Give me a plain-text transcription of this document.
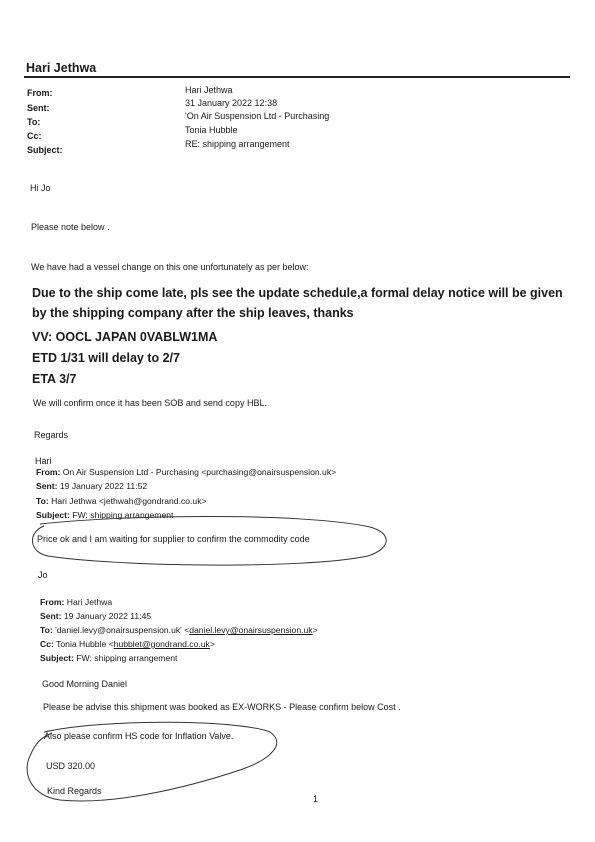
Hari Jethwa
From:
Sent:
To:
Cc:
Subject:
Hari Jethwa
31 January 2022 12:38
'On Air Suspension Ltd - Purchasing
Tonia Hubble
RE: shipping arrangement
Hi Jo
Please note below .
We have had a vessel change on this one unfortunately as per below:
Due to the ship come late, pls see the update schedule,a formal delay notice will be given
by the shipping company after the ship leaves, thanks
VV: OOCL JAPAN 0VABLW1MA
ETD 1/31 will delay to 2/7
ETA 3/7
We will confirm once it has been SOB and send copy HBL.
Regards
Hari
From: On Air Suspension Ltd - Purchasing <purchasing@onairsuspension.uk>
Sent: 19 January 2022 11:52
To: Hari Jethwa <jethwah@gondrand.co.uk>
Subject: FW: shipping arrangement
Price ok and I am waiting for supplier to confirm the commodity code
Jo
From: Hari Jethwa
Sent: 19 January 2022 11:45
To: 'daniel.levy@onairsuspension.uk' <daniel.levy@onairsuspension.uk>
Cc: Tonia Hubble <hubblet@gondrand.co.uk>
Subject: FW: shipping arrangement
Good Morning Daniel
Please be advise this shipment was booked as EX-WORKS - Please confirm below Cost .
Also please confirm HS code for Inflation Valve.
USD 320.00
Kind Regards
1
